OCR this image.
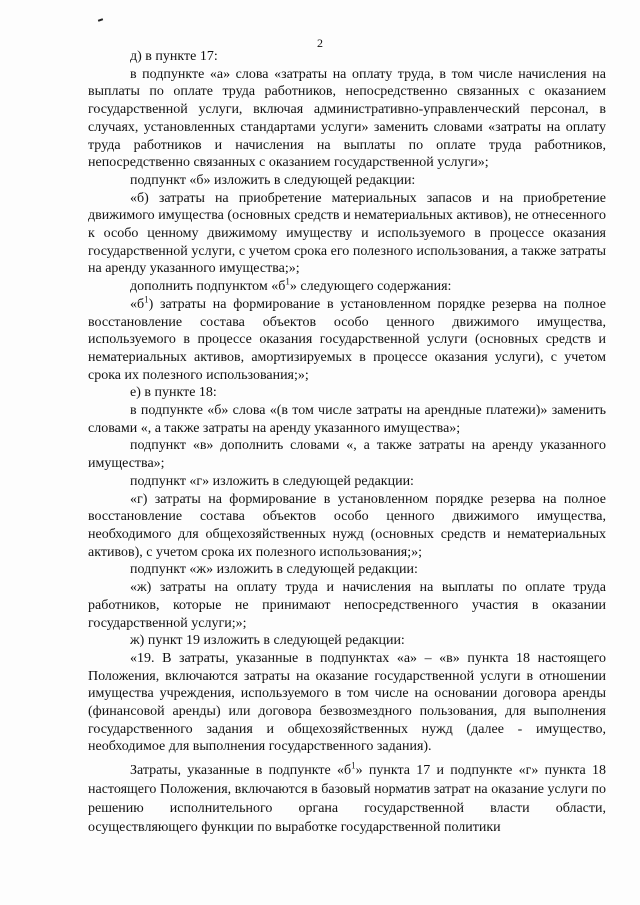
2

д) в пункте 17:

в подпункте «а» слова «затраты на оплату труда, в том числе начисления на выплаты по оплате труда работников, непосредственно связанных с оказанием государственной услуги, включая административно-управленческий персонал, в случаях, установленных стандартами услуги» заменить словами «затраты на оплату труда работников и начисления на выплаты по оплате труда работников, непосредственно связанных с оказанием государственной услуги»;

подпункт «б» изложить в следующей редакции:

«б) затраты на приобретение материальных запасов и на приобретение движимого имущества (основных средств и нематериальных активов), не отнесенного к особо ценному движимому имуществу и используемого в процессе оказания государственной услуги, с учетом срока его полезного использования, а также затраты на аренду указанного имущества;»;

дополнить подпунктом «$б^1$» следующего содержания:

«$б^1$) затраты на формирование в установленном порядке резерва на полное восстановление состава объектов особо ценного движимого имущества, используемого в процессе оказания государственной услуги (основных средств и нематериальных активов, амортизируемых в процессе оказания услуги), с учетом срока их полезного использования;»;

е) в пункте 18:

в подпункте «б» слова «(в том числе затраты на арендные платежи)» заменить словами «, а также затраты на аренду указанного имущества»;

подпункт «в» дополнить словами «, а также затраты на аренду указанного имущества»;

подпункт «г» изложить в следующей редакции:

«г) затраты на формирование в установленном порядке резерва на полное восстановление состава объектов особо ценного движимого имущества, необходимого для общехозяйственных нужд (основных средств и нематериальных активов), с учетом срока их полезного использования;»;

подпункт «ж» изложить в следующей редакции:

«ж) затраты на оплату труда и начисления на выплаты по оплате труда работников, которые не принимают непосредственного участия в оказании государственной услуги;»;

ж) пункт 19 изложить в следующей редакции:

«19. В затраты, указанные в подпунктах «а» – «в» пункта 18 настоящего Положения, включаются затраты на оказание государственной услуги в отношении имущества учреждения, используемого в том числе на основании договора аренды (финансовой аренды) или договора безвозмездного пользования, для выполнения государственного задания и общехозяйственных нужд (далее - имущество, необходимое для выполнения государственного задания).

Затраты, указанные в подпункте «$б^1$» пункта 17 и подпункте «г» пункта 18 настоящего Положения, включаются в базовый норматив затрат на оказание услуги по решению исполнительного органа государственной власти области, осуществляющего функции по выработке государственной политики
